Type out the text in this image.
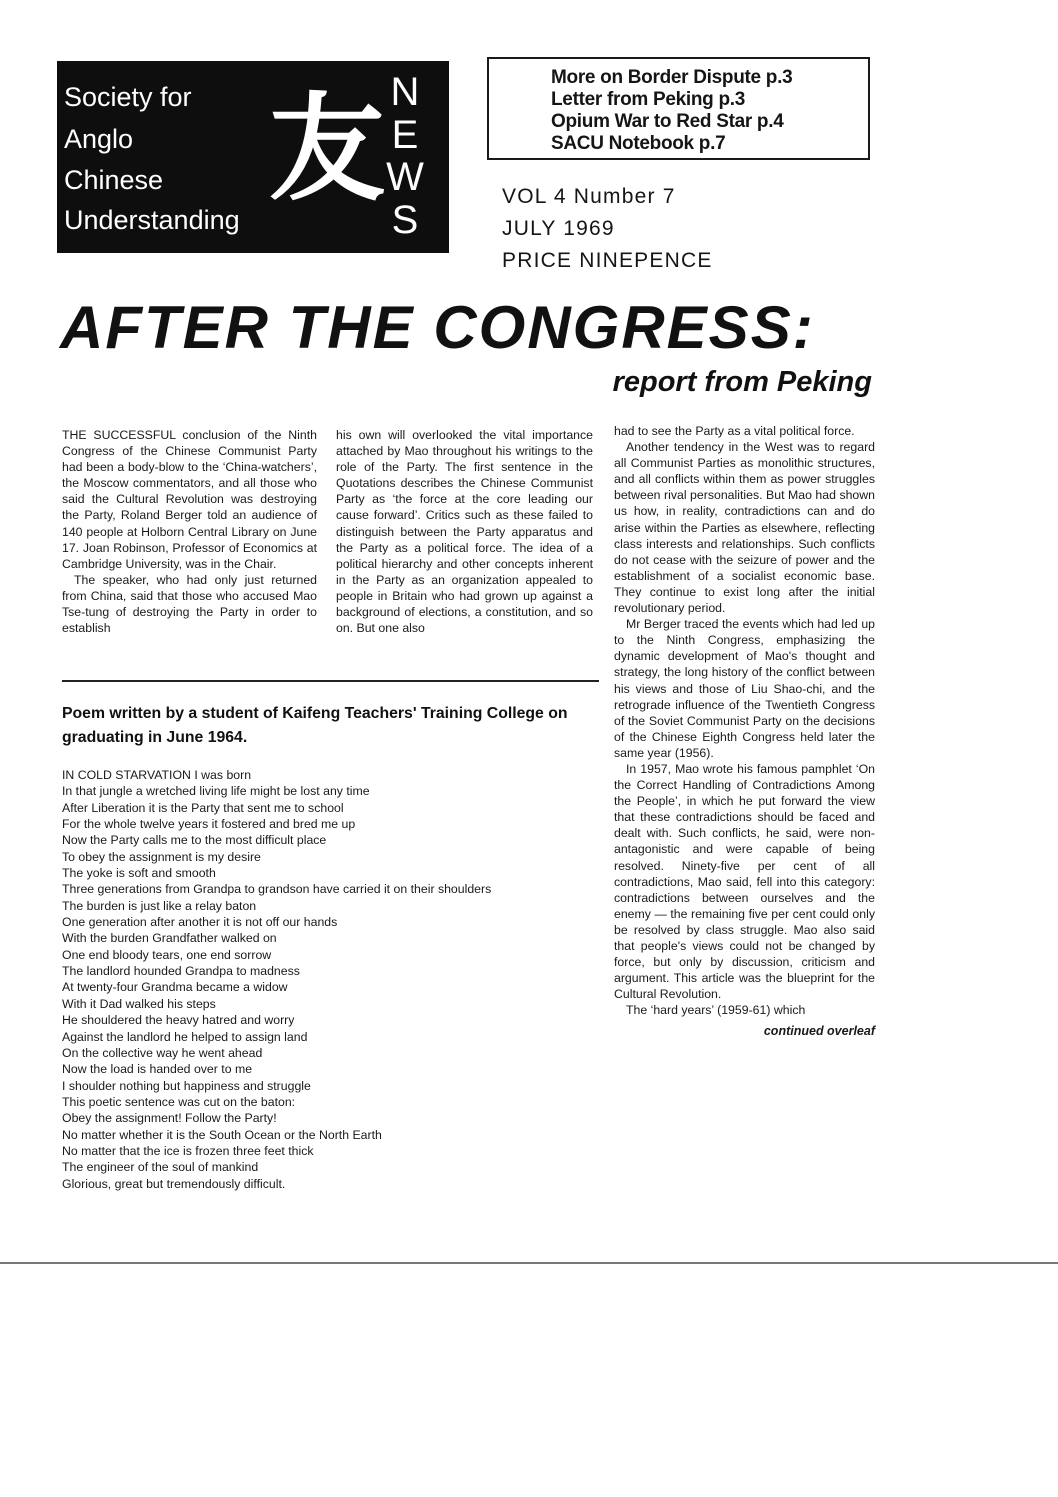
Society for
Anglo
Chinese
Understanding
友 N
E
W
S
More on Border Dispute p.3
Letter from Peking p.3
Opium War to Red Star p.4
SACU Notebook p.7
VOL 4 Number 7
JULY 1969
PRICE NINEPENCE
AFTER THE CONGRESS:
report from Peking

THE SUCCESSFUL conclusion of the Ninth Congress of the Chinese Communist Party had been a body-blow to the ‘China-watchers’, the Moscow commentators, and all those who said the Cultural Revolution was destroying the Party, Roland Berger told an audience of 140 people at Holborn Central Library on June 17. Joan Robinson, Professor of Economics at Cambridge University, was in the Chair.

The speaker, who had only just returned from China, said that those who accused Mao Tse-tung of destroying the Party in order to establish

his own will overlooked the vital importance attached by Mao throughout his writings to the role of the Party. The first sentence in the Quotations describes the Chinese Communist Party as ‘the force at the core leading our cause forward’. Critics such as these failed to distinguish between the Party apparatus and the Party as a political force. The idea of a political hierarchy and other concepts inherent in the Party as an organization appealed to people in Britain who had grown up against a background of elections, a constitution, and so on. But one also

had to see the Party as a vital political force.

Another tendency in the West was to regard all Communist Parties as monolithic structures, and all conflicts within them as power struggles between rival personalities. But Mao had shown us how, in reality, contradictions can and do arise within the Parties as elsewhere, reflecting class interests and relationships. Such conflicts do not cease with the seizure of power and the establishment of a socialist economic base. They continue to exist long after the initial revolutionary period.

Mr Berger traced the events which had led up to the Ninth Congress, emphasizing the dynamic development of Mao's thought and strategy, the long history of the conflict between his views and those of Liu Shao-chi, and the retrograde influence of the Twentieth Congress of the Soviet Communist Party on the decisions of the Chinese Eighth Congress held later the same year (1956).

In 1957, Mao wrote his famous pamphlet ‘On the Correct Handling of Contradictions Among the People’, in which he put forward the view that these contradictions should be faced and dealt with. Such conflicts, he said, were non-antagonistic and were capable of being resolved. Ninety-five per cent of all contradictions, Mao said, fell into this category: contradictions between ourselves and the enemy — the remaining five per cent could only be resolved by class struggle. Mao also said that people's views could not be changed by force, but only by discussion, criticism and argument. This article was the blueprint for the Cultural Revolution.

The ‘hard years’ (1959-61) which

continued overleaf
Poem written by a student of Kaifeng Teachers' Training College on graduating in June 1964.
IN COLD STARVATION I was born
In that jungle a wretched living life might be lost any time
After Liberation it is the Party that sent me to school
For the whole twelve years it fostered and bred me up
Now the Party calls me to the most difficult place
To obey the assignment is my desire
The yoke is soft and smooth
Three generations from Grandpa to grandson have carried it on their shoulders
The burden is just like a relay baton
One generation after another it is not off our hands
With the burden Grandfather walked on
One end bloody tears, one end sorrow
The landlord hounded Grandpa to madness
At twenty-four Grandma became a widow
With it Dad walked his steps
He shouldered the heavy hatred and worry
Against the landlord he helped to assign land
On the collective way he went ahead
Now the load is handed over to me
I shoulder nothing but happiness and struggle
This poetic sentence was cut on the baton:
Obey the assignment! Follow the Party!
No matter whether it is the South Ocean or the North Earth
No matter that the ice is frozen three feet thick
The engineer of the soul of mankind
Glorious, great but tremendously difficult.
